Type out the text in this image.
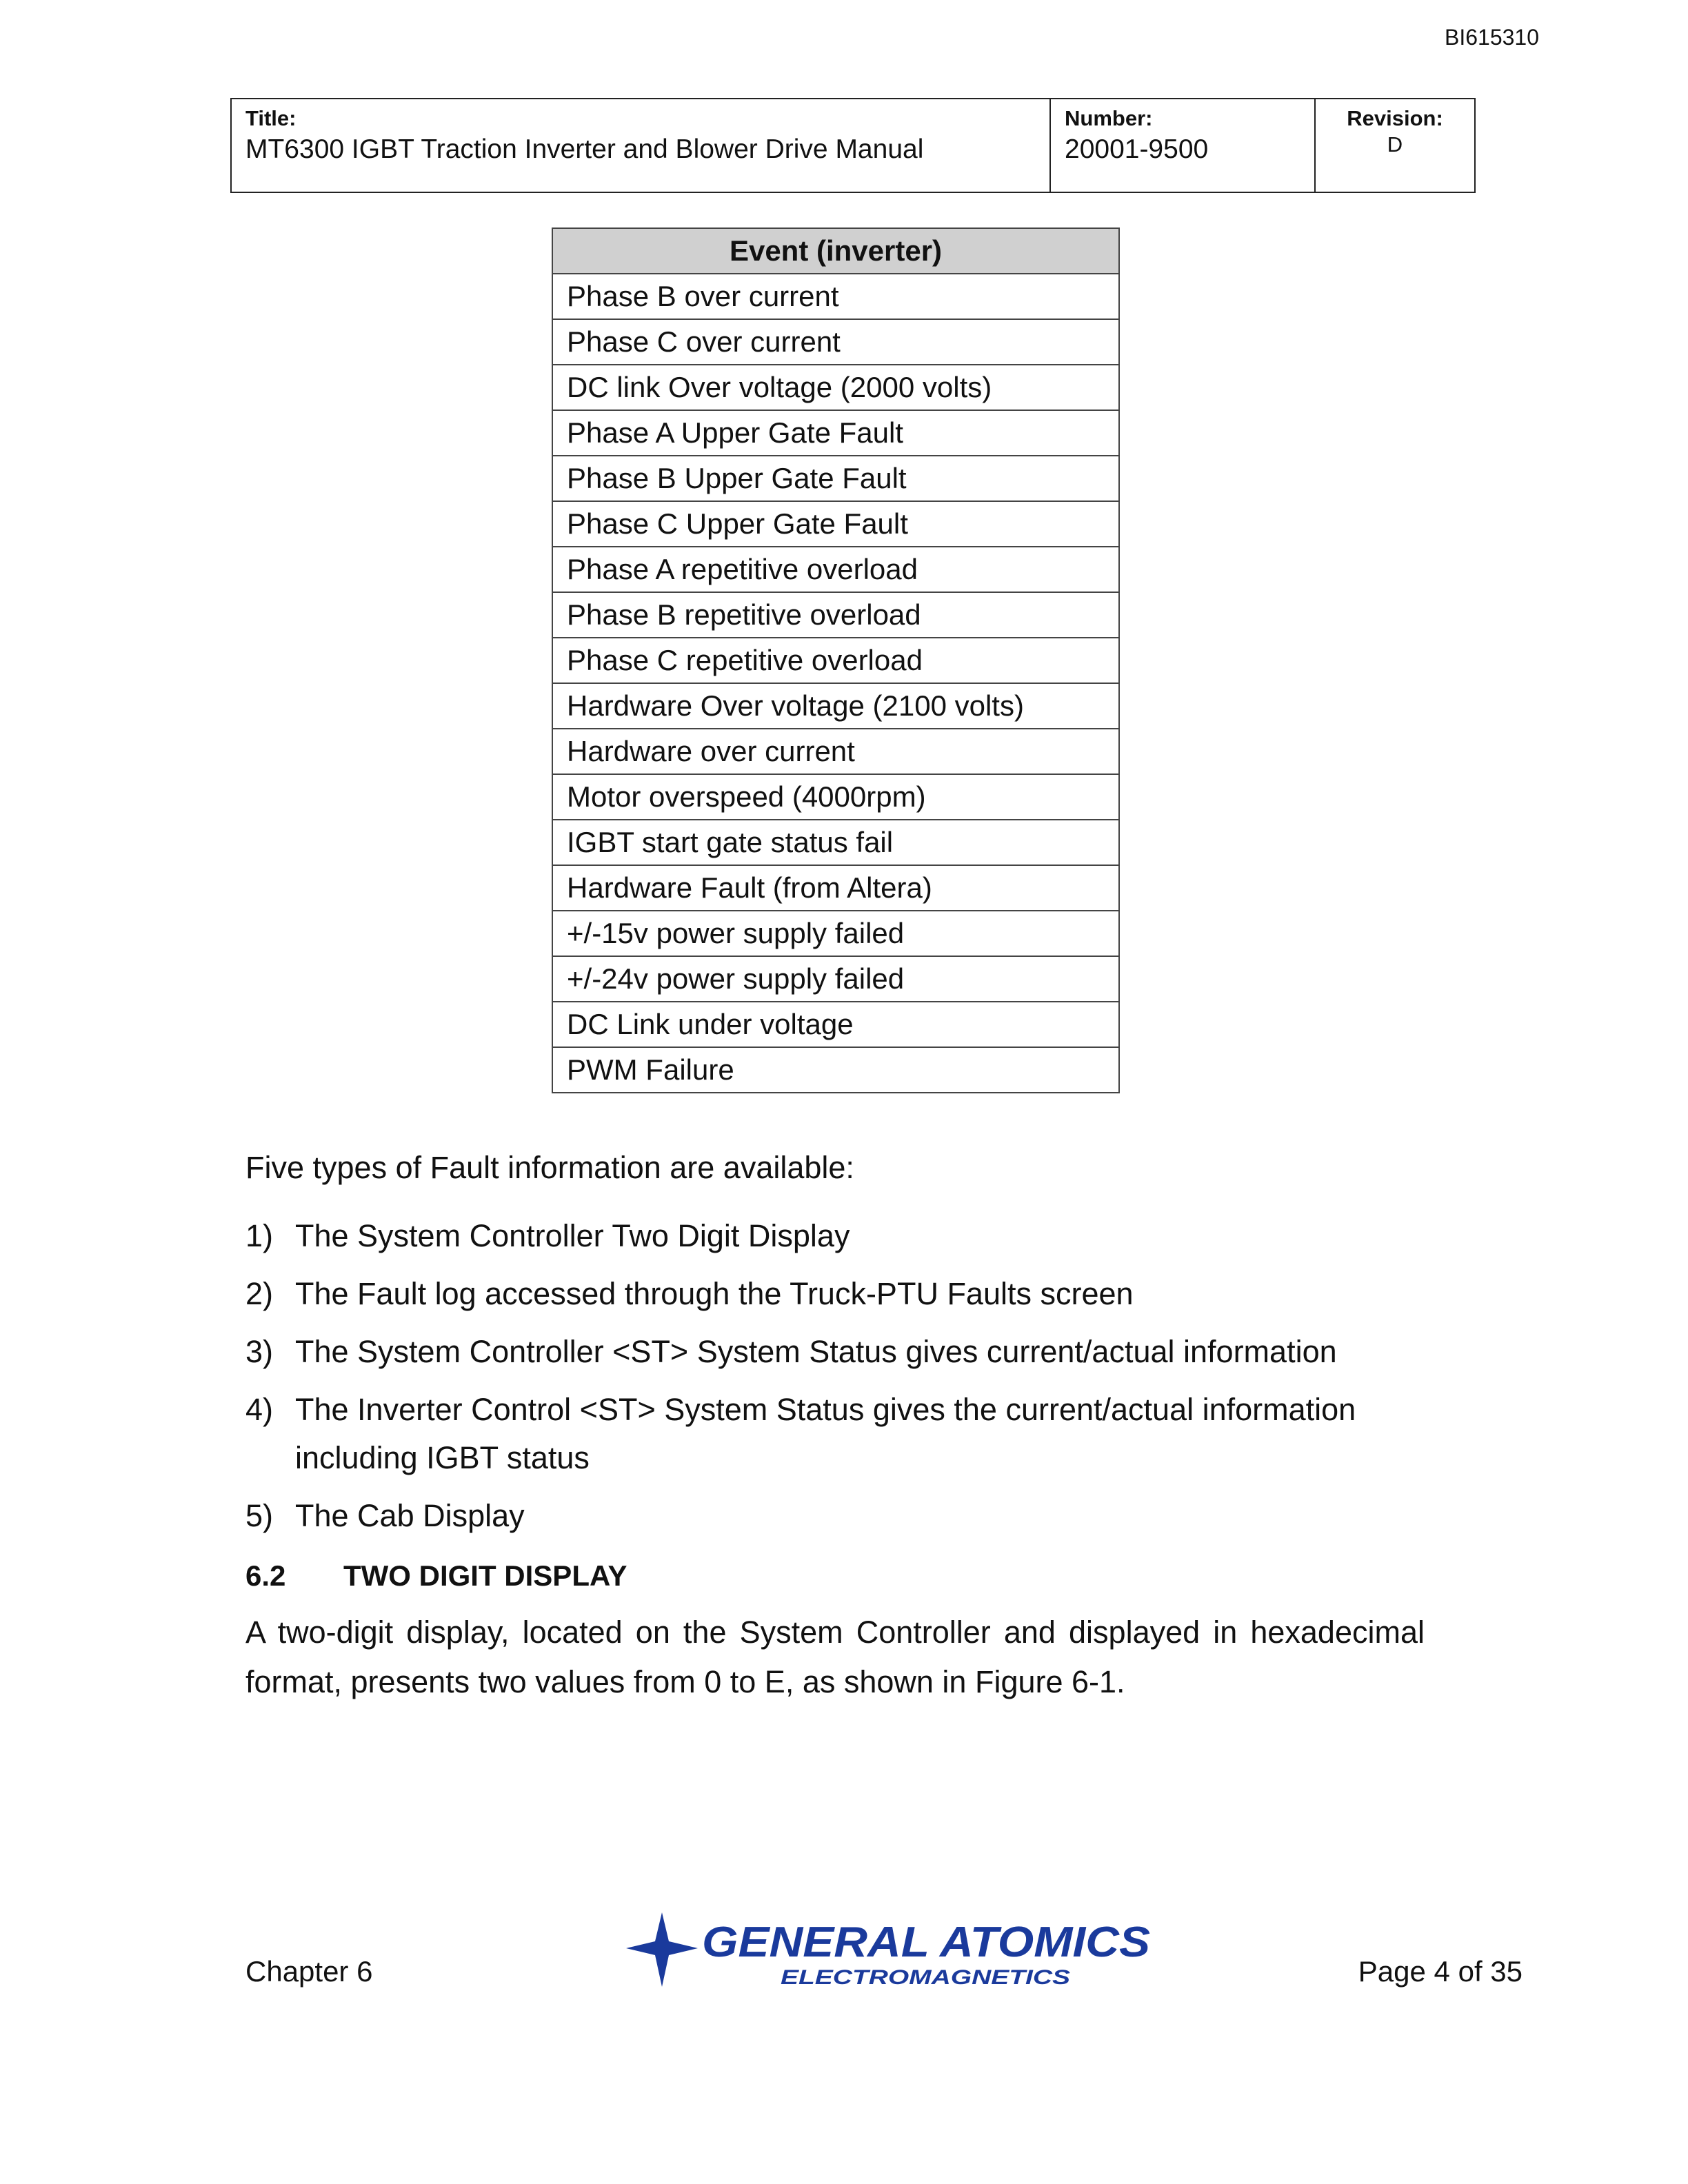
BI615310
Title:
MT6300 IGBT Traction Inverter and Blower Drive Manual
Number:
20001-9500
Revision:
D
Event (inverter)
Phase B over current
Phase C over current
DC link Over voltage (2000 volts)
Phase A Upper Gate Fault
Phase B Upper Gate Fault
Phase C Upper Gate Fault
Phase A repetitive overload
Phase B repetitive overload
Phase C repetitive overload
Hardware Over voltage (2100 volts)
Hardware over current
Motor overspeed (4000rpm)
IGBT start gate status fail
Hardware Fault (from Altera)
+/-15v power supply failed
+/-24v power supply failed
DC Link under voltage
PWM Failure
Five types of Fault information are available:
1) The System Controller Two Digit Display
2) The Fault log accessed through the Truck-PTU Faults screen
3) The System Controller <ST> System Status gives current/actual information
4) The Inverter Control <ST> System Status gives the current/actual information including IGBT status
5) The Cab Display
6.2 TWO DIGIT DISPLAY
A two-digit display, located on the System Controller and displayed in hexadecimal format, presents two values from 0 to E, as shown in Figure 6-1.
Chapter 6
GENERAL ATOMICS
ELECTROMAGNETICS	Page 4 of 35
